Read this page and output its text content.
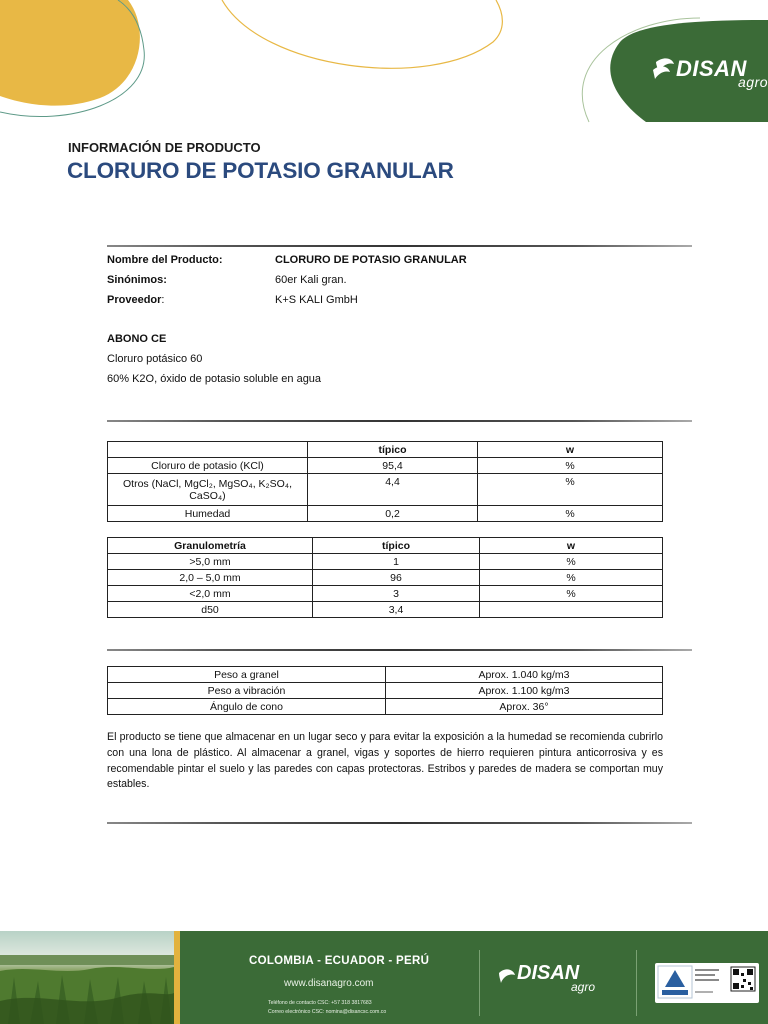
DISAN
agro
INFORMACIÓN DE PRODUCTO
CLORURO DE POTASIO GRANULAR
Nombre del Producto:	CLORURO DE POTASIO GRANULAR
Sinónimos:	60er Kali gran.
Proveedor:	K+S KALI GmbH
ABONO CE
Cloruro potásico 60
60% K2O, óxido de potasio soluble en agua
	típico	w
Cloruro de potasio (KCl)	95,4	%
Otros (NaCl, MgCl₂, MgSO₄, K₂SO₄, CaSO₄)	4,4	%
Humedad	0,2	%
Granulometría	típico	w
>5,0 mm	1	%
2,0 – 5,0 mm	96	%
<2,0 mm	3	%
d50	3,4	
Peso a granel	Aprox. 1.040 kg/m3
Peso a vibración	Aprox. 1.100 kg/m3
Ángulo de cono	Aprox. 36°
El producto se tiene que almacenar en un lugar seco y para evitar la exposición a la humedad se recomienda cubrirlo con una lona de plástico. Al almacenar a granel, vigas y soportes de hierro requieren pintura anticorrosiva y es recomendable pintar el suelo y las paredes con capas protectoras. Estribos y paredes de madera se comportan muy estables.
COLOMBIA - ECUADOR - PERÚ
www.disanagro.com
Teléfono de contacto CSC: +57 318 3817683
Correo electrónico CSC: nomina@disancsc.com.co
DISAN
agro
